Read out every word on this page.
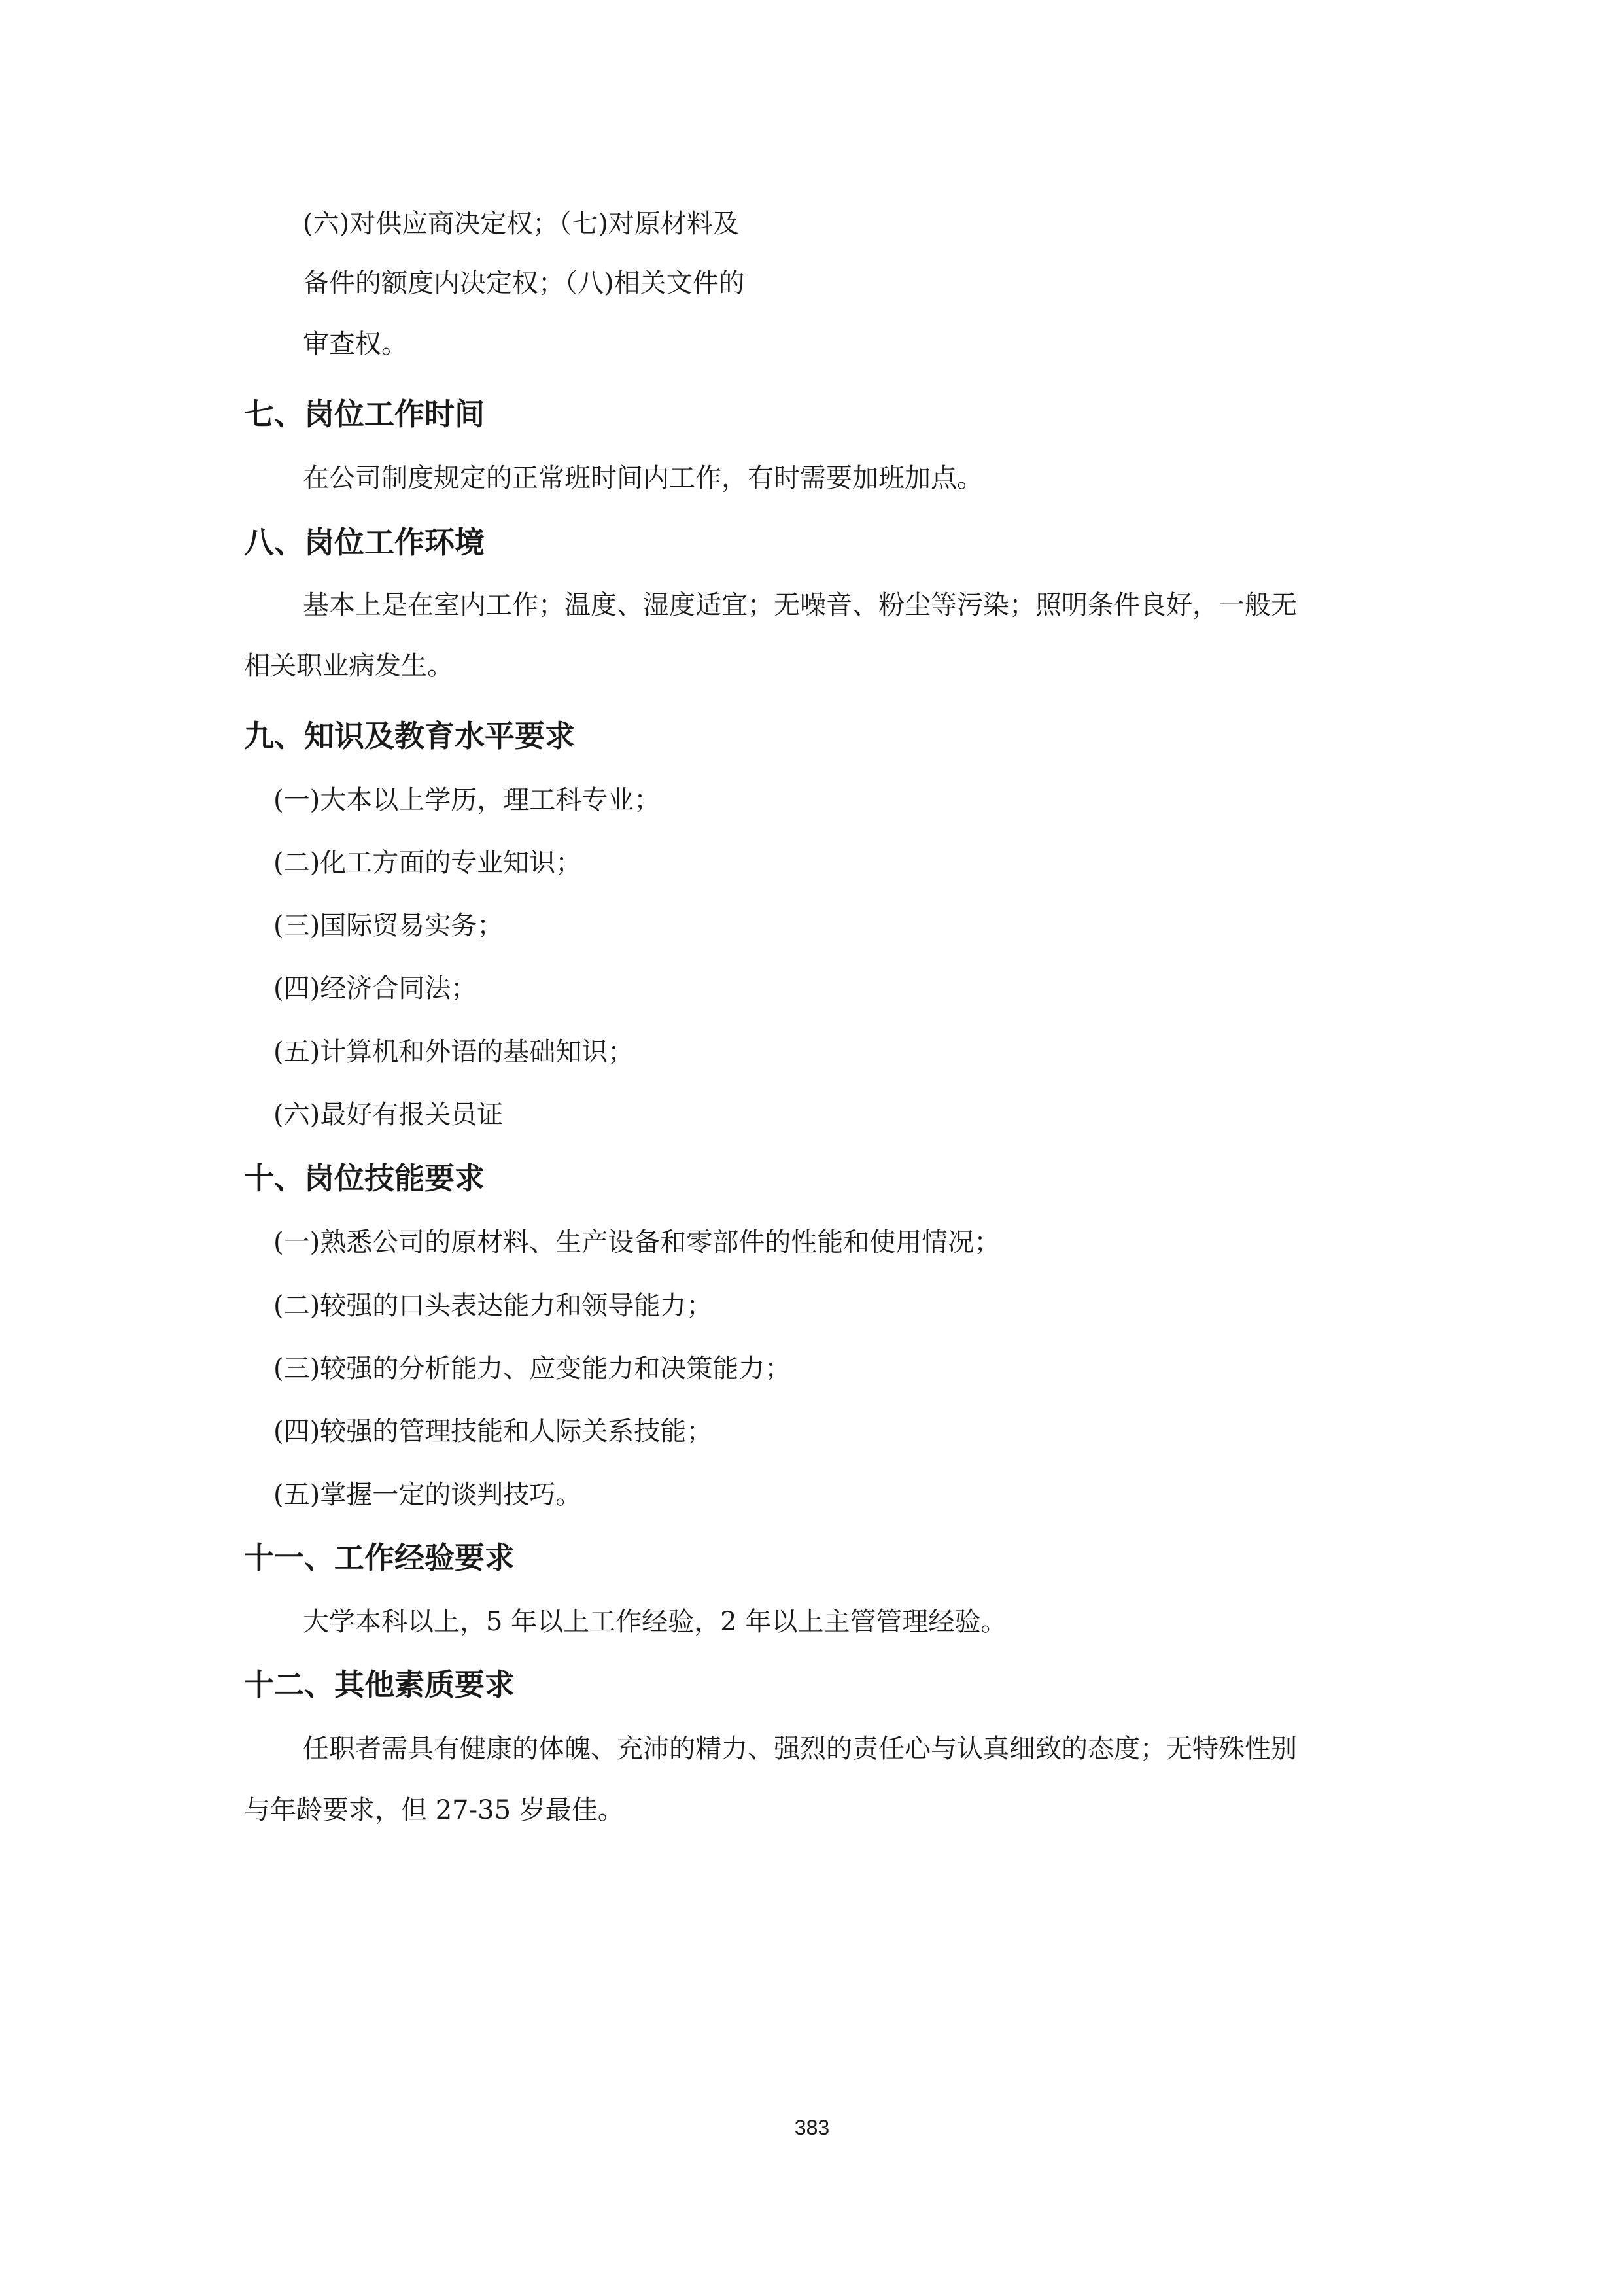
(六)对供应商决定权；（七)对原材料及
备件的额度内决定权；（八)相关文件的
审查权。
七、岗位工作时间
在公司制度规定的正常班时间内工作，有时需要加班加点。
八、岗位工作环境
基本上是在室内工作；温度、湿度适宜；无噪音、粉尘等污染；照明条件良好，一般无
相关职业病发生。
九、知识及教育水平要求
(一)大本以上学历，理工科专业；
(二)化工方面的专业知识；
(三)国际贸易实务；
(四)经济合同法；
(五)计算机和外语的基础知识；
(六)最好有报关员证
十、岗位技能要求
(一)熟悉公司的原材料、生产设备和零部件的性能和使用情况；
(二)较强的口头表达能力和领导能力；
(三)较强的分析能力、应变能力和决策能力；
(四)较强的管理技能和人际关系技能；
(五)掌握一定的谈判技巧。
十一、工作经验要求
大学本科以上，5 年以上工作经验，2 年以上主管管理经验。
十二、其他素质要求
任职者需具有健康的体魄、充沛的精力、强烈的责任心与认真细致的态度；无特殊性别
与年龄要求，但 27-35 岁最佳。
383
